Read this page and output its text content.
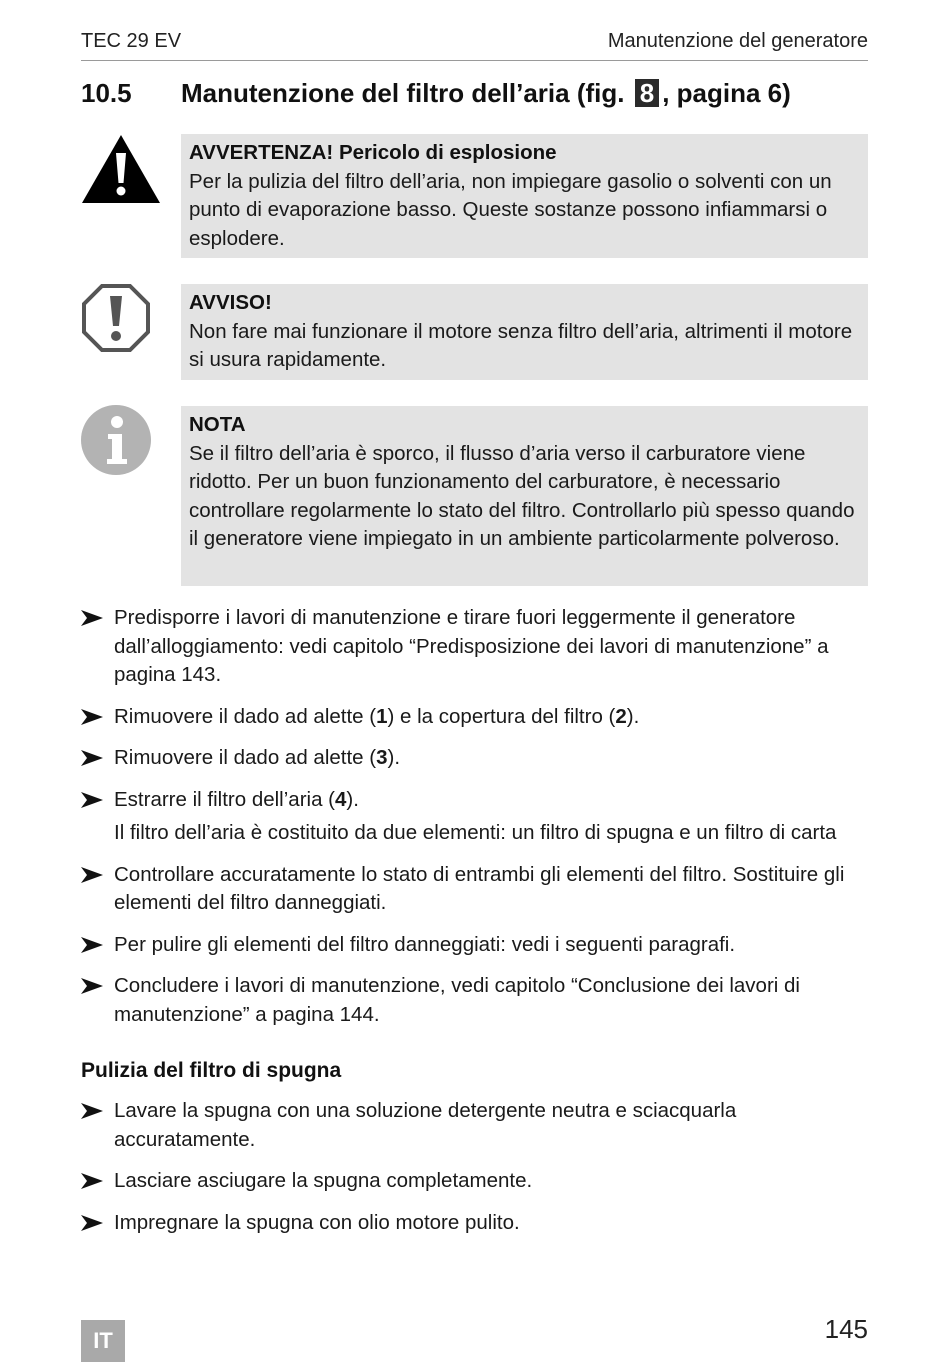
TEC 29 EV	Manutenzione del generatore
10.5 Manutenzione del filtro dell’aria (fig. 8 , pagina 6)
AVVERTENZA! Pericolo di esplosione
Per la pulizia del filtro dell’aria, non impiegare gasolio o solventi con un punto di evaporazione basso. Queste sostanze possono infiammarsi o esplodere.
AVVISO!
Non fare mai funzionare il motore senza filtro dell’aria, altrimenti il motore si usura rapidamente.
NOTA
Se il filtro dell’aria è sporco, il flusso d’aria verso il carburatore viene ridotto. Per un buon funzionamento del carburatore, è necessario controllare regolarmente lo stato del filtro. Controllarlo più spesso quando il generatore viene impiegato in un ambiente particolarmente polveroso.
Predisporre i lavori di manutenzione e tirare fuori leggermente il generatore dall’alloggiamento: vedi capitolo “Predisposizione dei lavori di manutenzione” a pagina 143.
Rimuovere il dado ad alette (1) e la copertura del filtro (2).
Rimuovere il dado ad alette (3).
Estrarre il filtro dell’aria (4).
Il filtro dell’aria è costituito da due elementi: un filtro di spugna e un filtro di carta
Controllare accuratamente lo stato di entrambi gli elementi del filtro. Sostituire gli elementi del filtro danneggiati.
Per pulire gli elementi del filtro danneggiati: vedi i seguenti paragrafi.
Concludere i lavori di manutenzione, vedi capitolo “Conclusione dei lavori di manutenzione” a pagina 144.
Pulizia del filtro di spugna
Lavare la spugna con una soluzione detergente neutra e sciacquarla accuratamente.
Lasciare asciugare la spugna completamente.
Impregnare la spugna con olio motore pulito.
IT	145
